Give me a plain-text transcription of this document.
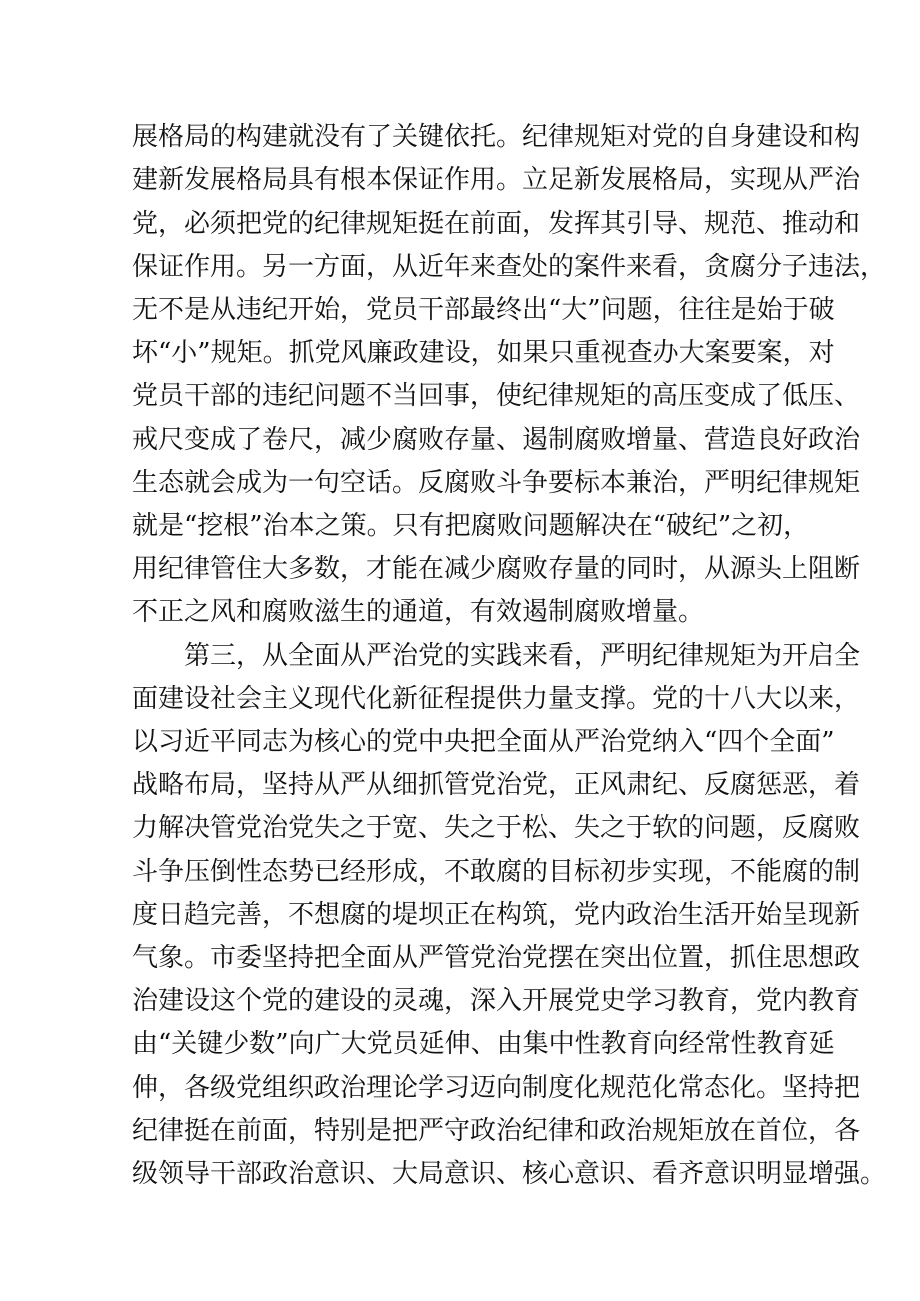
展格局的构建就没有了关键依托。纪律规矩对党的自身建设和构
建新发展格局具有根本保证作用。立足新发展格局，实现从严治
党，必须把党的纪律规矩挺在前面，发挥其引导、规范、推动和
保证作用。另一方面，从近年来查处的案件来看，贪腐分子违法，
无不是从违纪开始，党员干部最终出“大”问题，往往是始于破
坏“小”规矩。抓党风廉政建设，如果只重视查办大案要案，对
党员干部的违纪问题不当回事，使纪律规矩的高压变成了低压、
戒尺变成了卷尺，减少腐败存量、遏制腐败增量、营造良好政治
生态就会成为一句空话。反腐败斗争要标本兼治，严明纪律规矩
就是“挖根”治本之策。只有把腐败问题解决在“破纪”之初，
用纪律管住大多数，才能在减少腐败存量的同时，从源头上阻断
不正之风和腐败滋生的通道，有效遏制腐败增量。
第三，从全面从严治党的实践来看，严明纪律规矩为开启全
面建设社会主义现代化新征程提供力量支撑。党的十八大以来，
以习近平同志为核心的党中央把全面从严治党纳入“四个全面”
战略布局，坚持从严从细抓管党治党，正风肃纪、反腐惩恶，着
力解决管党治党失之于宽、失之于松、失之于软的问题，反腐败
斗争压倒性态势已经形成，不敢腐的目标初步实现，不能腐的制
度日趋完善，不想腐的堤坝正在构筑，党内政治生活开始呈现新
气象。市委坚持把全面从严管党治党摆在突出位置，抓住思想政
治建设这个党的建设的灵魂，深入开展党史学习教育，党内教育
由“关键少数”向广大党员延伸、由集中性教育向经常性教育延
伸，各级党组织政治理论学习迈向制度化规范化常态化。坚持把
纪律挺在前面，特别是把严守政治纪律和政治规矩放在首位，各
级领导干部政治意识、大局意识、核心意识、看齐意识明显增强。
